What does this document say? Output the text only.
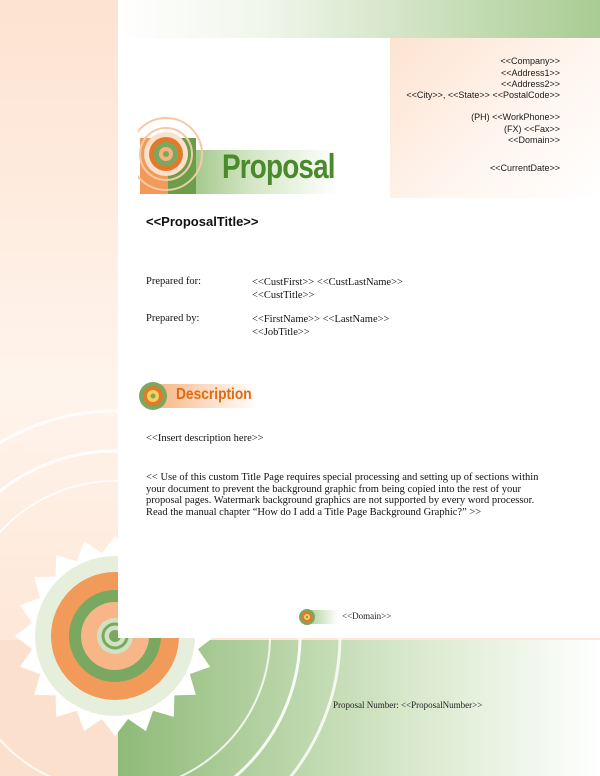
<<Company>>
<<Address1>>
<<Address2>>
<<City>>, <<State>> <<PostalCode>>
(PH) <<WorkPhone>>
(FX) <<Fax>>
<<Domain>>
<<CurrentDate>>
Proposal
<<ProposalTitle>>
Prepared for:	<<CustFirst>> <<CustLastName>>
<<CustTitle>>
Prepared by:	<<FirstName>> <<LastName>>
<<JobTitle>>
Description
<<Insert description here>>
<< Use of this custom Title Page requires special processing and setting up of sections within your document to prevent the background graphic from being copied into the rest of your proposal pages. Watermark background graphics are not supported by every word processor. Read the manual chapter “How do I add a Title Page Background Graphic?” >>
<<Domain>>
Proposal Number: <<ProposalNumber>>
